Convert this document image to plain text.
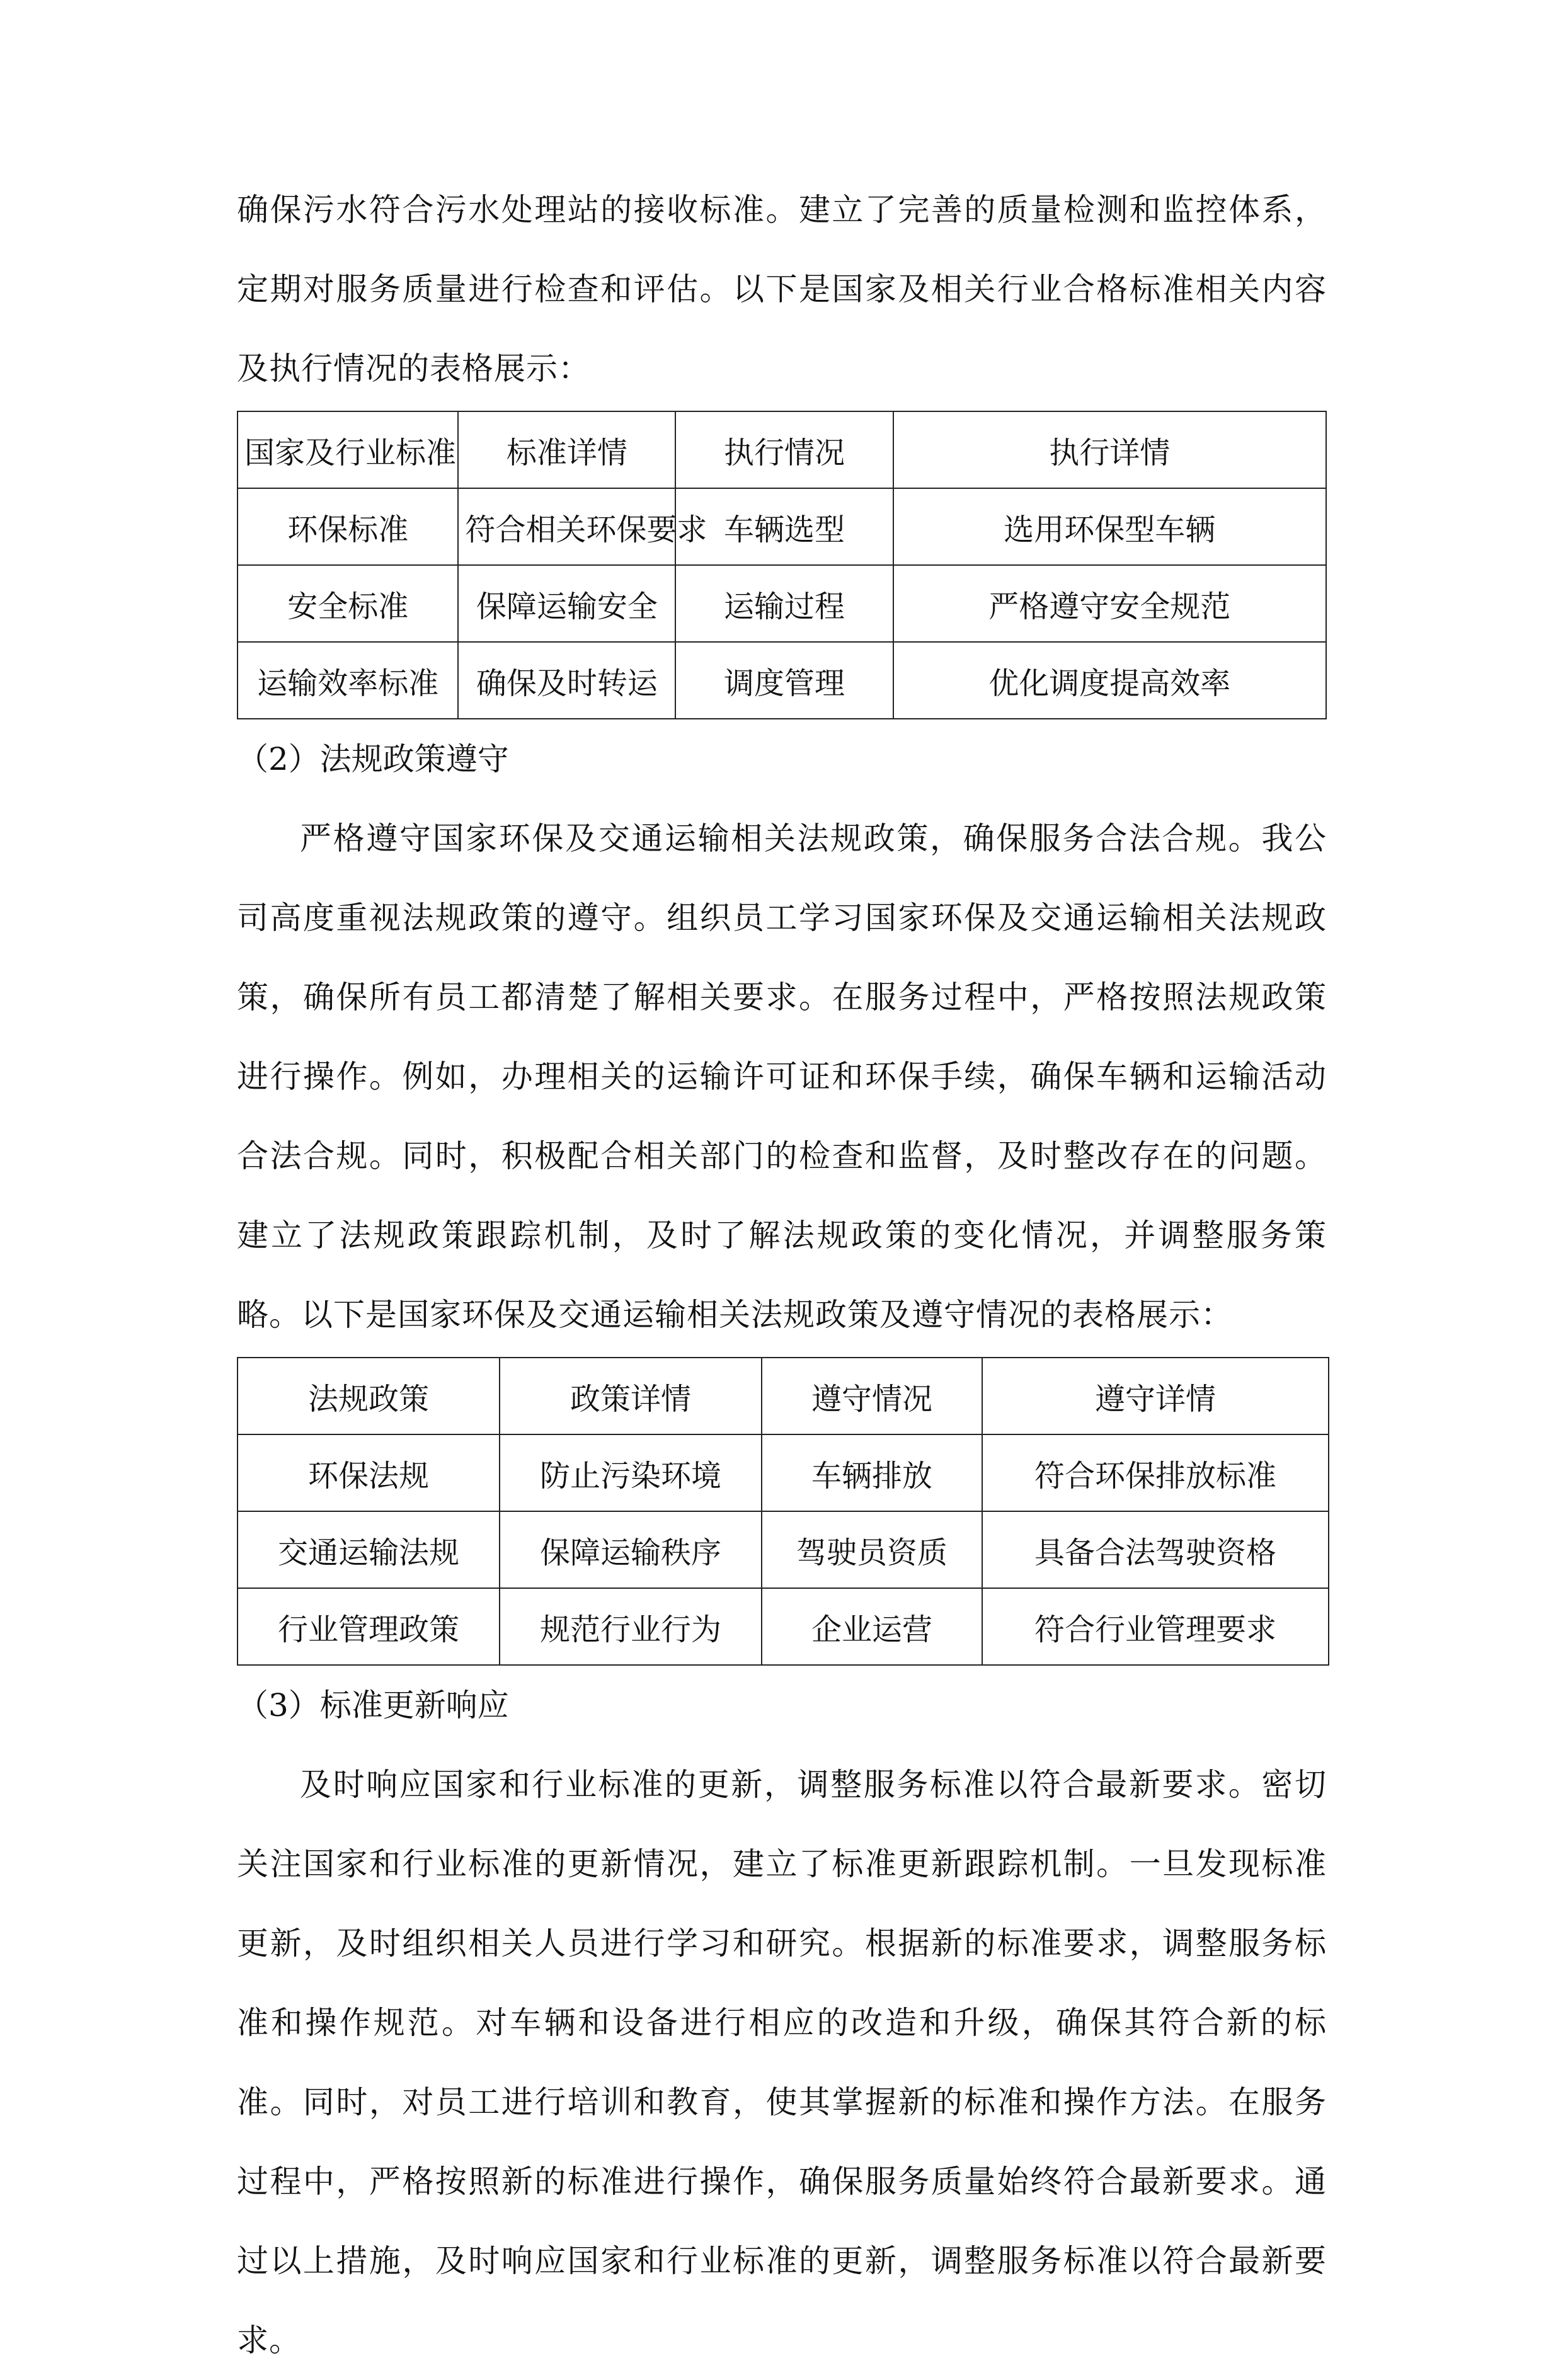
确保污水符合污水处理站的接收标准。建立了完善的质量检测和监控体系，定期对服务质量进行检查和评估。以下是国家及相关行业合格标准相关内容及执行情况的表格展示：

国家及行业标准	标准详情	执行情况	执行详情
环保标准	符合相关环保要求	车辆选型	选用环保型车辆
安全标准	保障运输安全	运输过程	严格遵守安全规范
运输效率标准	确保及时转运	调度管理	优化调度提高效率
（2）法规政策遵守

严格遵守国家环保及交通运输相关法规政策，确保服务合法合规。我公司高度重视法规政策的遵守。组织员工学习国家环保及交通运输相关法规政策，确保所有员工都清楚了解相关要求。在服务过程中，严格按照法规政策进行操作。例如，办理相关的运输许可证和环保手续，确保车辆和运输活动合法合规。同时，积极配合相关部门的检查和监督，及时整改存在的问题。建立了法规政策跟踪机制，及时了解法规政策的变化情况，并调整服务策略。以下是国家环保及交通运输相关法规政策及遵守情况的表格展示：

法规政策	政策详情	遵守情况	遵守详情
环保法规	防止污染环境	车辆排放	符合环保排放标准
交通运输法规	保障运输秩序	驾驶员资质	具备合法驾驶资格
行业管理政策	规范行业行为	企业运营	符合行业管理要求
（3）标准更新响应

及时响应国家和行业标准的更新，调整服务标准以符合最新要求。密切关注国家和行业标准的更新情况，建立了标准更新跟踪机制。一旦发现标准更新，及时组织相关人员进行学习和研究。根据新的标准要求，调整服务标准和操作规范。对车辆和设备进行相应的改造和升级，确保其符合新的标准。同时，对员工进行培训和教育，使其掌握新的标准和操作方法。在服务过程中，严格按照新的标准进行操作，确保服务质量始终符合最新要求。通过以上措施，及时响应国家和行业标准的更新，调整服务标准以符合最新要求。
